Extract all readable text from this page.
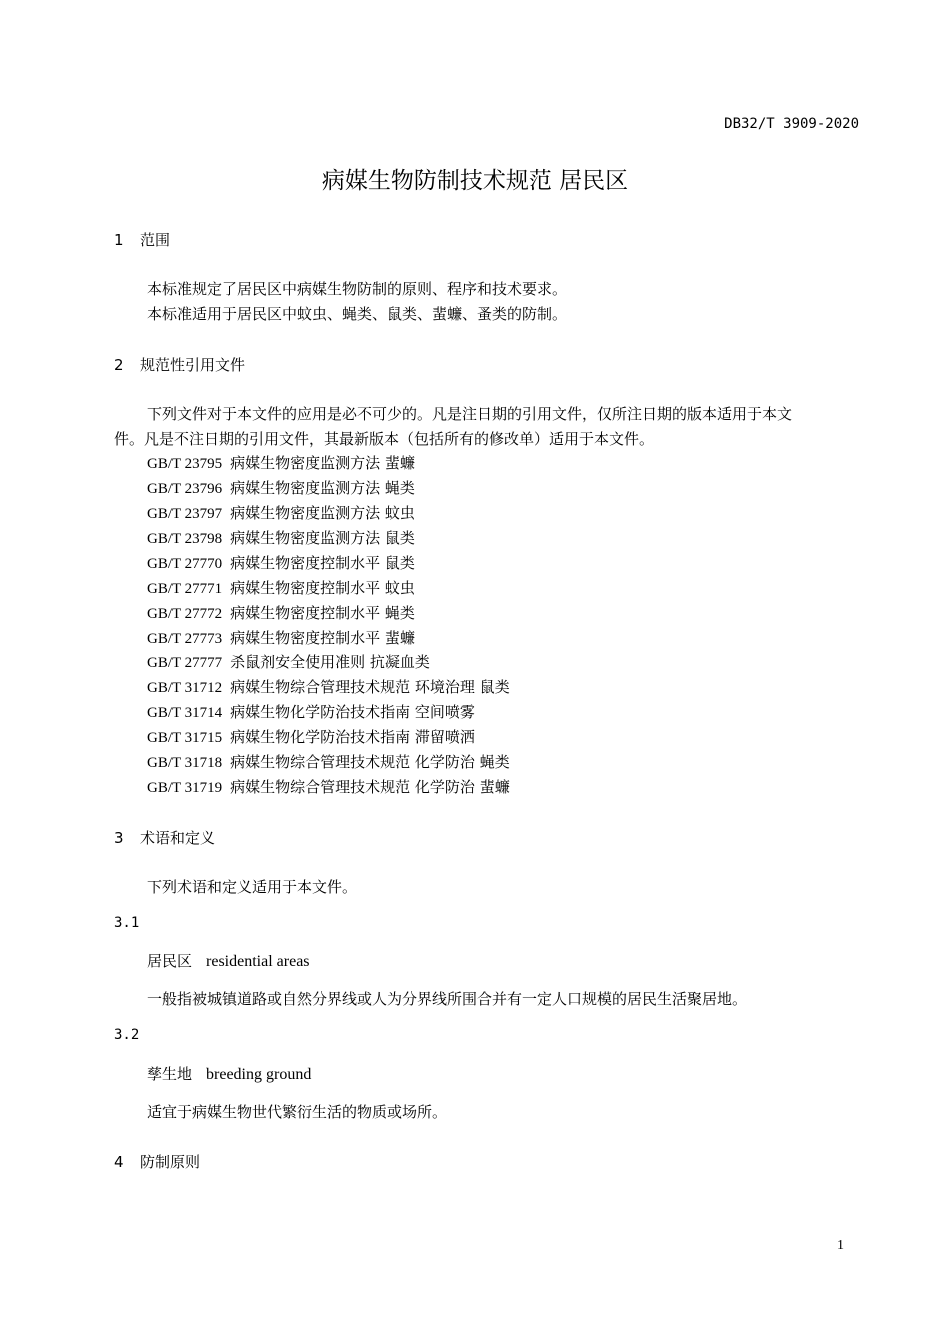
DB32/T 3909-2020
病媒生物防制技术规范 居民区
1 范围
本标准规定了居民区中病媒生物防制的原则、程序和技术要求。
本标准适用于居民区中蚊虫、蝇类、鼠类、蜚蠊、蚤类的防制。
2 规范性引用文件
下列文件对于本文件的应用是必不可少的。凡是注日期的引用文件，仅所注日期的版本适用于本文
件。凡是不注日期的引用文件，其最新版本（包括所有的修改单）适用于本文件。
GB/T 23795 病媒生物密度监测方法 蜚蠊
GB/T 23796 病媒生物密度监测方法 蝇类
GB/T 23797 病媒生物密度监测方法 蚊虫
GB/T 23798 病媒生物密度监测方法 鼠类
GB/T 27770 病媒生物密度控制水平 鼠类
GB/T 27771 病媒生物密度控制水平 蚊虫
GB/T 27772 病媒生物密度控制水平 蝇类
GB/T 27773 病媒生物密度控制水平 蜚蠊
GB/T 27777 杀鼠剂安全使用准则 抗凝血类
GB/T 31712 病媒生物综合管理技术规范 环境治理 鼠类
GB/T 31714 病媒生物化学防治技术指南 空间喷雾
GB/T 31715 病媒生物化学防治技术指南 滞留喷洒
GB/T 31718 病媒生物综合管理技术规范 化学防治 蝇类
GB/T 31719 病媒生物综合管理技术规范 化学防治 蜚蠊
3 术语和定义
下列术语和定义适用于本文件。
3.1
居民区 residential areas
一般指被城镇道路或自然分界线或人为分界线所围合并有一定人口规模的居民生活聚居地。
3.2
孳生地 breeding ground
适宜于病媒生物世代繁衍生活的物质或场所。
4 防制原则
1
